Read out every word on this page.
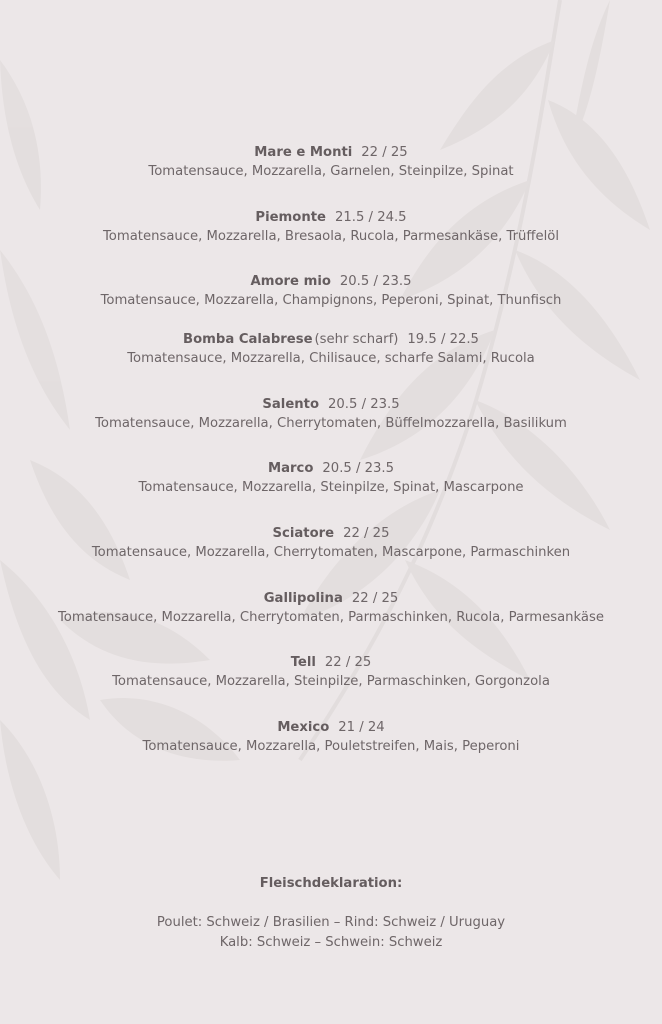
Mare e Monti 22 / 25
Tomatensauce, Mozzarella, Garnelen, Steinpilze, Spinat
Piemonte 21.5 / 24.5
Tomatensauce, Mozzarella, Bresaola, Rucola, Parmesankäse, Trüffelöl
Amore mio 20.5 / 23.5
Tomatensauce, Mozzarella, Champignons, Peperoni, Spinat, Thunfisch
Bomba Calabrese (sehr scharf) 19.5 / 22.5
Tomatensauce, Mozzarella, Chilisauce, scharfe Salami, Rucola
Salento 20.5 / 23.5
Tomatensauce, Mozzarella, Cherrytomaten, Büffelmozzarella, Basilikum
Marco 20.5 / 23.5
Tomatensauce, Mozzarella, Steinpilze, Spinat, Mascarpone
Sciatore 22 / 25
Tomatensauce, Mozzarella, Cherrytomaten, Mascarpone, Parmaschinken
Gallipolina 22 / 25
Tomatensauce, Mozzarella, Cherrytomaten, Parmaschinken, Rucola, Parmesankäse
Tell 22 / 25
Tomatensauce, Mozzarella, Steinpilze, Parmaschinken, Gorgonzola
Mexico 21 / 24
Tomatensauce, Mozzarella, Pouletstreifen, Mais, Peperoni
Fleischdeklaration:
Poulet: Schweiz / Brasilien – Rind: Schweiz / Uruguay
Kalb: Schweiz – Schwein: Schweiz
